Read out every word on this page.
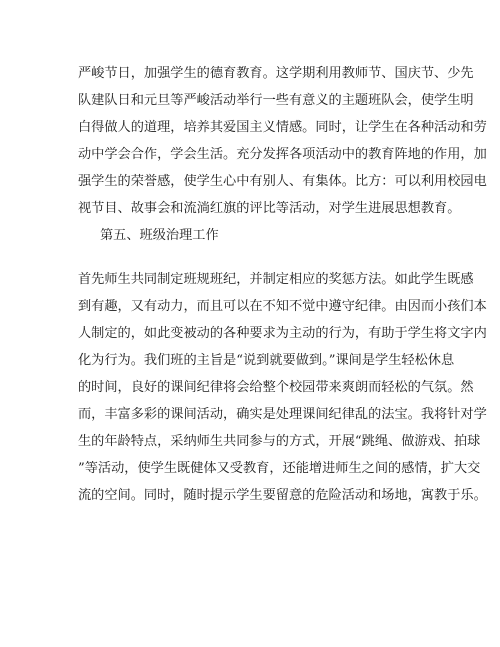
严峻节日，加强学生的德育教育。这学期利用教师节、国庆节、少先
队建队日和元旦等严峻活动举行一些有意义的主题班队会，使学生明
白得做人的道理，培养其爱国主义情感。同时，让学生在各种活动和劳
动中学会合作，学会生活。充分发挥各项活动中的教育阵地的作用，加
强学生的荣誉感，使学生心中有别人、有集体。比方：可以利用校园电
视节目、故事会和流淌红旗的评比等活动，对学生进展思想教育。
第五、班级治理工作
首先师生共同制定班规班纪，并制定相应的奖惩方法。如此学生既感
到有趣，又有动力，而且可以在不知不觉中遵守纪律。由因而小孩们本
人制定的，如此变被动的各种要求为主动的行为，有助于学生将文字内
化为行为。我们班的主旨是“说到就要做到。”课间是学生轻松休息
的时间，良好的课间纪律将会给整个校园带来爽朗而轻松的气氛。然
而，丰富多彩的课间活动，确实是处理课间纪律乱的法宝。我将针对学
生的年龄特点，采纳师生共同参与的方式，开展“跳绳、做游戏、拍球
”等活动，使学生既健体又受教育，还能增进师生之间的感情，扩大交
流的空间。同时，随时提示学生要留意的危险活动和场地，寓教于乐。
